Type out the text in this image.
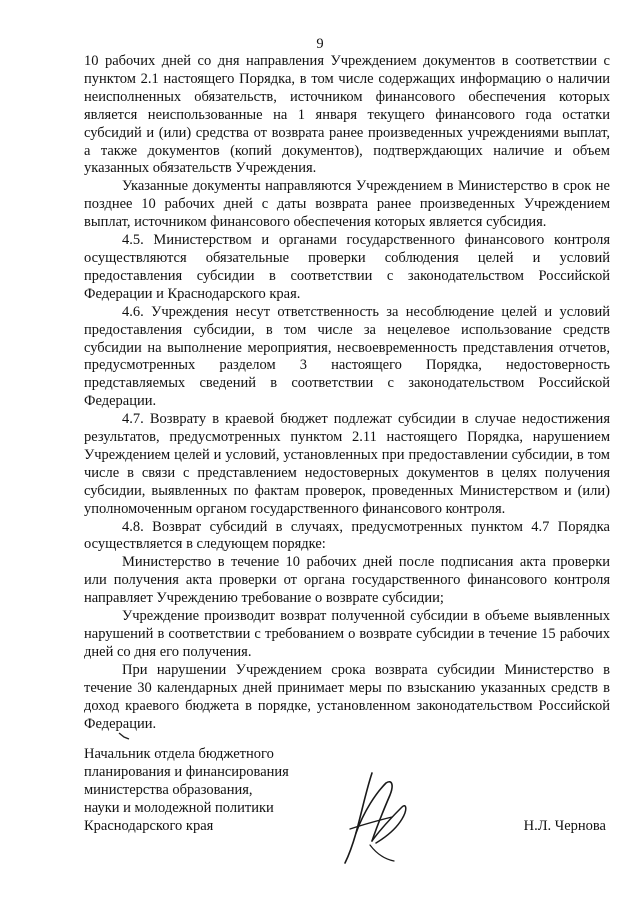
9

10 рабочих дней со дня направления Учреждением документов в соответствии с пунктом 2.1 настоящего Порядка, в том числе содержащих информацию о наличии неисполненных обязательств, источником финансового обеспечения которых является неиспользованные на 1 января текущего финансового года остатки субсидий и (или) средства от возврата ранее произведенных учреждениями выплат, а также документов (копий документов), подтверждающих наличие и объем указанных обязательств Учреждения.

Указанные документы направляются Учреждением в Министерство в срок не позднее 10 рабочих дней с даты возврата ранее произведенных Учреждением выплат, источником финансового обеспечения которых является субсидия.

4.5. Министерством и органами государственного финансового контроля осуществляются обязательные проверки соблюдения целей и условий предоставления субсидии в соответствии с законодательством Российской Федерации и Краснодарского края.

4.6. Учреждения несут ответственность за несоблюдение целей и условий предоставления субсидии, в том числе за нецелевое использование средств субсидии на выполнение мероприятия, несвоевременность представления отчетов, предусмотренных разделом 3 настоящего Порядка, недостоверность представляемых сведений в соответствии с законодательством Российской Федерации.

4.7. Возврату в краевой бюджет подлежат субсидии в случае недостижения результатов, предусмотренных пунктом 2.11 настоящего Порядка, нарушением Учреждением целей и условий, установленных при предоставлении субсидии, в том числе в связи с представлением недостоверных документов в целях получения субсидии, выявленных по фактам проверок, проведенных Министерством и (или) уполномоченным органом государственного финансового контроля.

4.8. Возврат субсидий в случаях, предусмотренных пунктом 4.7 Порядка осуществляется в следующем порядке:

Министерство в течение 10 рабочих дней после подписания акта проверки или получения акта проверки от органа государственного финансового контроля направляет Учреждению требование о возврате субсидии;

Учреждение производит возврат полученной субсидии в объеме выявленных нарушений в соответствии с требованием о возврате субсидии в течение 15 рабочих дней со дня его получения.

При нарушении Учреждением срока возврата субсидии Министерство в течение 30 календарных дней принимает меры по взысканию указанных средств в доход краевого бюджета в порядке, установленном законодательством Российской Федерации.

Начальник отдела бюджетного
планирования и финансирования
министерства образования,
науки и молодежной политики
Краснодарского края	Н.Л. Чернова
